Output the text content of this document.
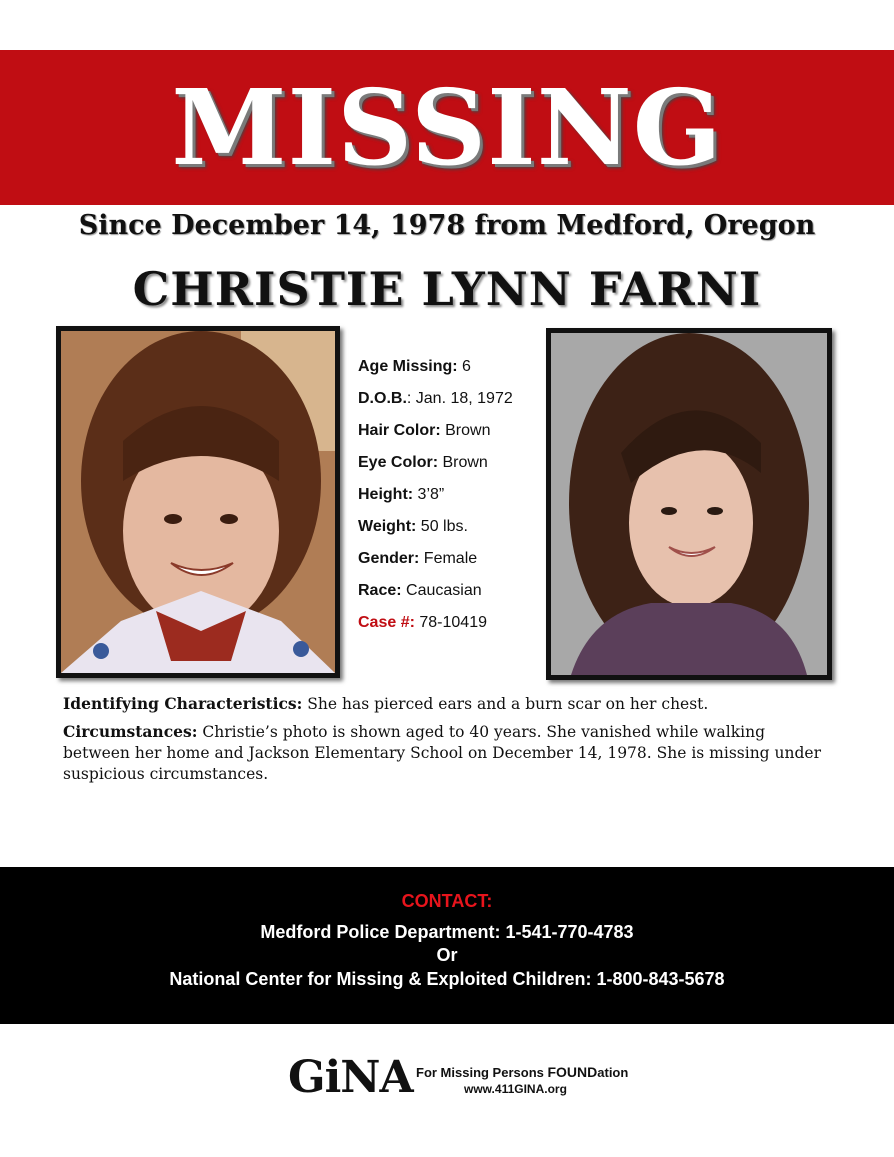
MISSING
Since December 14, 1978 from Medford, Oregon
CHRISTIE LYNN FARNI
Age Missing: 6
D.O.B.: Jan. 18, 1972
Hair Color: Brown
Eye Color: Brown
Height: 3’8”
Weight: 50 lbs.
Gender: Female
Race: Caucasian
Case #: 78-10419

Identifying Characteristics: She has pierced ears and a burn scar on her chest.

Circumstances: Christie’s photo is shown aged to 40 years. She vanished while walking between her home and Jackson Elementary School on December 14, 1978. She is missing under suspicious circumstances.

CONTACT:
Medford Police Department: 1-541-770-4783
Or
National Center for Missing & Exploited Children: 1-800-843-5678
GiNA For Missing Persons FOUNDation
www.411GINA.org
